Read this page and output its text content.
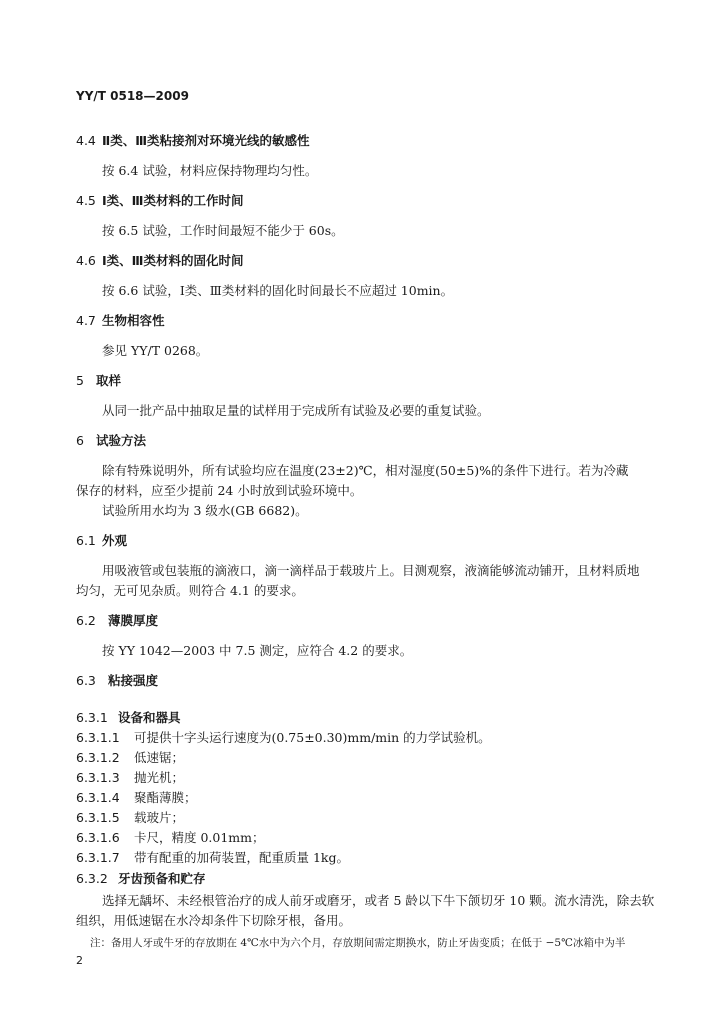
YY/T 0518—2009
4.4 Ⅱ类、Ⅲ类粘接剂对环境光线的敏感性
按 6.4 试验，材料应保持物理均匀性。
4.5 Ⅰ类、Ⅲ类材料的工作时间
按 6.5 试验，工作时间最短不能少于 60s。
4.6 Ⅰ类、Ⅲ类材料的固化时间
按 6.6 试验，Ⅰ类、Ⅲ类材料的固化时间最长不应超过 10min。
4.7 生物相容性
参见 YY/T 0268。
5 取样
从同一批产品中抽取足量的试样用于完成所有试验及必要的重复试验。
6 试验方法
除有特殊说明外，所有试验均应在温度(23±2)℃，相对湿度(50±5)%的条件下进行。若为冷藏
保存的材料，应至少提前 24 小时放到试验环境中。
试验所用水均为 3 级水(GB 6682)。
6.1 外观
用吸液管或包装瓶的滴液口，滴一滴样品于载玻片上。目测观察，液滴能够流动铺开，且材料质地
均匀，无可见杂质。则符合 4.1 的要求。
6.2 薄膜厚度
按 YY 1042—2003 中 7.5 测定，应符合 4.2 的要求。
6.3 粘接强度
6.3.1 设备和器具
6.3.1.1 可提供十字头运行速度为(0.75±0.30)mm/min 的力学试验机。
6.3.1.2 低速锯；
6.3.1.3 抛光机；
6.3.1.4 聚酯薄膜；
6.3.1.5 载玻片；
6.3.1.6 卡尺，精度 0.01mm；
6.3.1.7 带有配重的加荷装置，配重质量 1kg。
6.3.2 牙齿预备和贮存
选择无龋坏、未经根管治疗的成人前牙或磨牙，或者 5 龄以下牛下颌切牙 10 颗。流水清洗，除去软
组织，用低速锯在水冷却条件下切除牙根，备用。
注：备用人牙或牛牙的存放期在 4℃水中为六个月，存放期间需定期换水，防止牙齿变质；在低于 −5℃冰箱中为半
2
